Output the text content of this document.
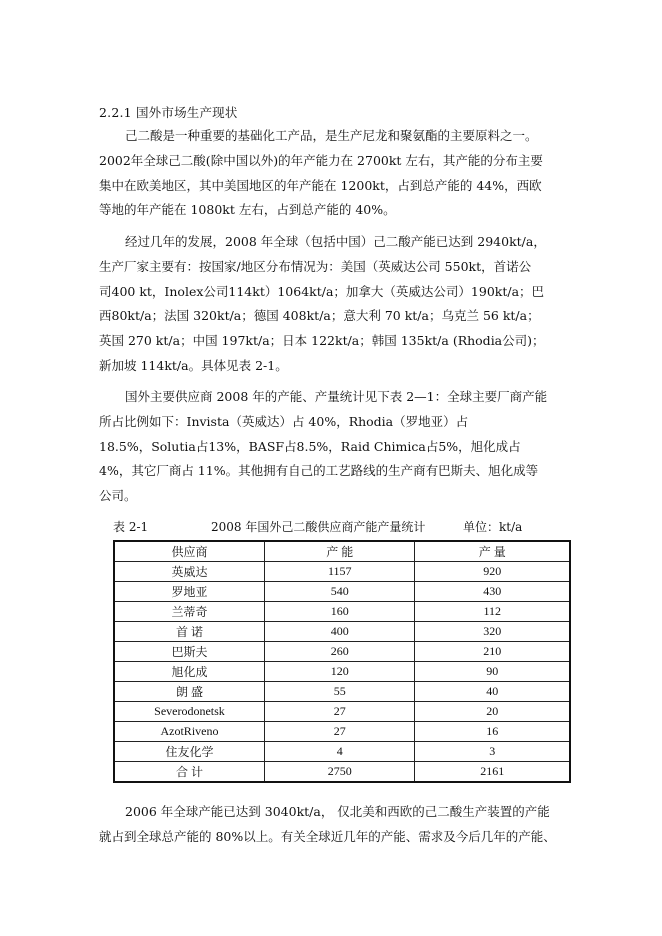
2.2.1 国外市场生产现状

己二酸是一种重要的基础化工产品，是生产尼龙和聚氨酯的主要原料之一。
2002年全球己二酸(除中国以外)的年产能力在 2700kt 左右，其产能的分布主要
集中在欧美地区，其中美国地区的年产能在 1200kt，占到总产能的 44%，西欧
等地的年产能在 1080kt 左右，占到总产能的 40%。

经过几年的发展，2008 年全球（包括中国）己二酸产能已达到 2940kt/a，
生产厂家主要有：按国家/地区分布情况为：美国（英威达公司 550kt，首诺公
司400 kt，Inolex公司114kt）1064kt/a；加拿大（英威达公司）190kt/a；巴
西80kt/a；法国 320kt/a；德国 408kt/a；意大利 70 kt/a；乌克兰 56 kt/a；
英国 270 kt/a；中国 197kt/a；日本 122kt/a；韩国 135kt/a (Rhodia公司)；
新加坡 114kt/a。具体见表 2-1。

国外主要供应商 2008 年的产能、产量统计见下表 2—1：全球主要厂商产能
所占比例如下：Invista（英威达）占 40%，Rhodia（罗地亚）占
18.5%，Solutia占13%，BASF占8.5%，Raid Chimica占5%，旭化成占
4%，其它厂商占 11%。其他拥有自己的工艺路线的生产商有巴斯夫、旭化成等
公司。

表 2-1	2008 年国外己二酸供应商产能产量统计	单位：kt/a
供应商	产 能	产 量
英威达	1157	920
罗地亚	540	430
兰蒂奇	160	112
首 诺	400	320
巴斯夫	260	210
旭化成	120	90
朗 盛	55	40
Severodonetsk	27	20
AzotRiveno	27	16
住友化学	4	3
合 计	2750	2161

2006 年全球产能已达到 3040kt/a， 仅北美和西欧的己二酸生产装置的产能
就占到全球总产能的 80%以上。有关全球近几年的产能、需求及今后几年的产能、
